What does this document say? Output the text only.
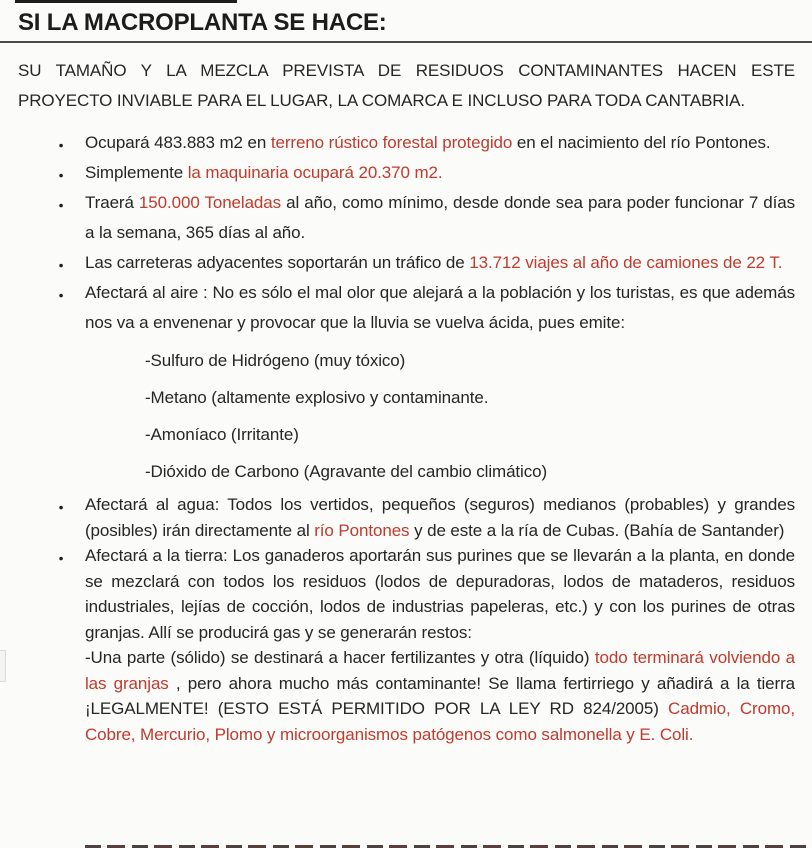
SI LA MACROPLANTA SE HACE:

SU TAMAÑO Y LA MEZCLA PREVISTA DE RESIDUOS CONTAMINANTES HACEN ESTE PROYECTO INVIABLE PARA EL LUGAR, LA COMARCA E INCLUSO PARA TODA CANTABRIA.

●
Ocupará 483.883 m2 en terreno rústico forestal protegido en el nacimiento del río Pontones.
●
Simplemente la maquinaria ocupará 20.370 m2.
●
Traerá 150.000 Toneladas al año, como mínimo, desde donde sea para poder funcionar 7 días a la semana, 365 días al año.
●
Las carreteras adyacentes soportarán un tráfico de 13.712 viajes al año de camiones de 22 T.
●
Afectará al aire : No es sólo el mal olor que alejará a la población y los turistas, es que además nos va a envenenar y provocar que la lluvia se vuelva ácida, pues emite:
-Sulfuro de Hidrógeno (muy tóxico)
-Metano (altamente explosivo y contaminante.
-Amoníaco (Irritante)
-Dióxido de Carbono (Agravante del cambio climático)
●
Afectará al agua: Todos los vertidos, pequeños (seguros) medianos (probables) y grandes (posibles) irán directamente al río Pontones y de este a la ría de Cubas. (Bahía de Santander)
●
Afectará a la tierra: Los ganaderos aportarán sus purines que se llevarán a la planta, en donde se mezclará con todos los residuos (lodos de depuradoras, lodos de mataderos, residuos industriales, lejías de cocción, lodos de industrias papeleras, etc.) y con los purines de otras granjas. Allí se producirá gas y se generarán restos:
-Una parte (sólido) se destinará a hacer fertilizantes y otra (líquido) todo terminará volviendo a las granjas , pero ahora mucho más contaminante! Se llama fertirriego y añadirá a la tierra ¡LEGALMENTE! (ESTO ESTÁ PERMITIDO POR LA LEY RD 824/2005) Cadmio, Cromo, Cobre, Mercurio, Plomo y microorganismos patógenos como salmonella y E. Coli.
